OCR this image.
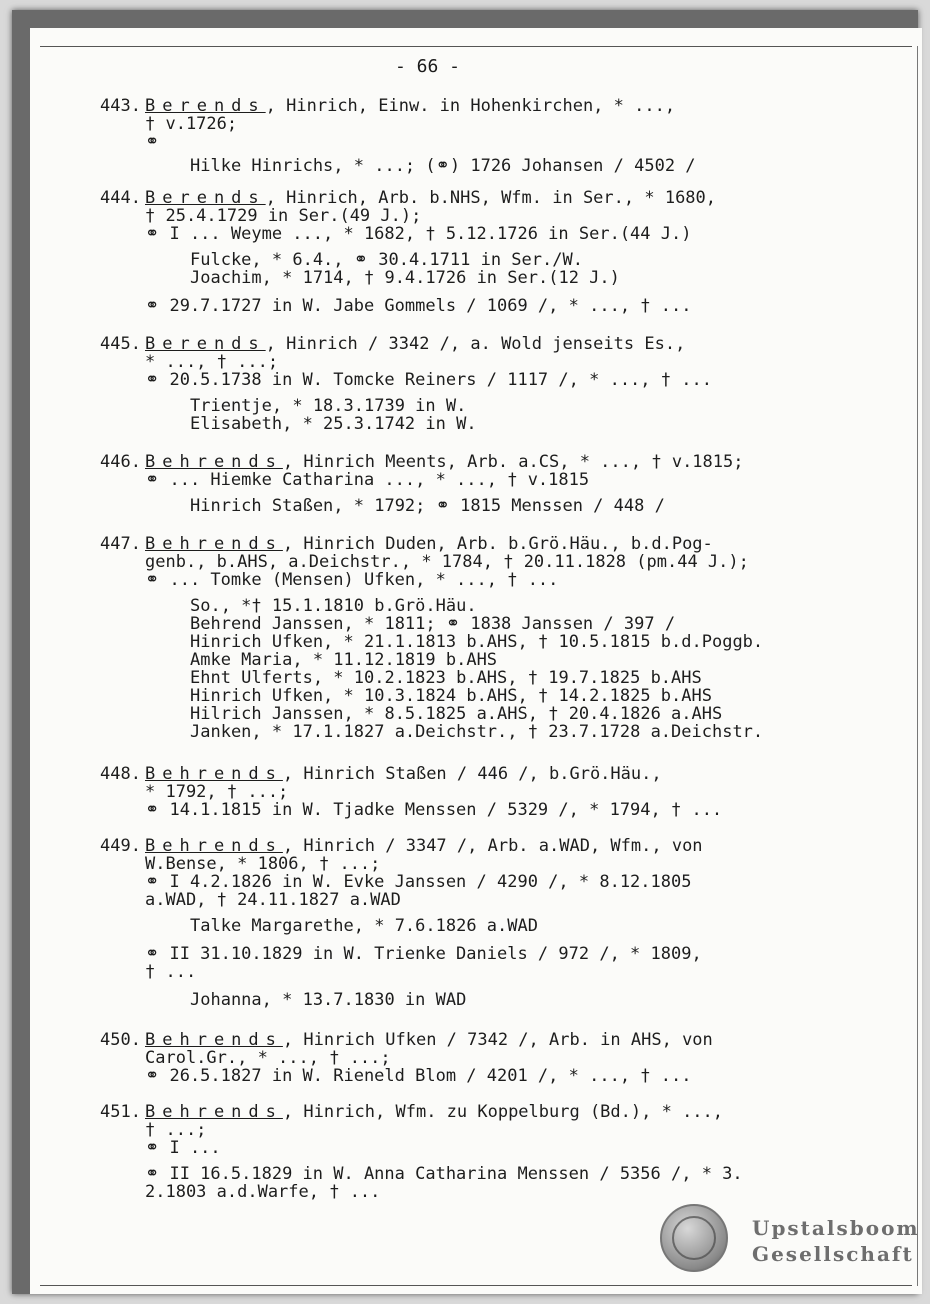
- 66 -
443. Berends, Hinrich, Einw. in Hohenkirchen, * ...,
† v.1726;
⚭
Hilke Hinrichs, * ...; (⚭) 1726 Johansen / 4502 /
444. Berends, Hinrich, Arb. b.NHS, Wfm. in Ser., * 1680,
† 25.4.1729 in Ser.(49 J.);
⚭ I ... Weyme ..., * 1682, † 5.12.1726 in Ser.(44 J.)
Fulcke, * 6.4., ⚭ 30.4.1711 in Ser./W.
Joachim, * 1714, † 9.4.1726 in Ser.(12 J.)
⚭ 29.7.1727 in W. Jabe Gommels / 1069 /, * ..., † ...
445. Berends, Hinrich / 3342 /, a. Wold jenseits Es.,
* ..., † ...;
⚭ 20.5.1738 in W. Tomcke Reiners / 1117 /, * ..., † ...
Trientje, * 18.3.1739 in W.
Elisabeth, * 25.3.1742 in W.
446. Behrends, Hinrich Meents, Arb. a.CS, * ..., † v.1815;
⚭ ... Hiemke Catharina ..., * ..., † v.1815
Hinrich Staßen, * 1792; ⚭ 1815 Menssen / 448 /
447. Behrends, Hinrich Duden, Arb. b.Grö.Häu., b.d.Pog-
genb., b.AHS, a.Deichstr., * 1784, † 20.11.1828 (pm.44 J.);
⚭ ... Tomke (Mensen) Ufken, * ..., † ...
So., *† 15.1.1810 b.Grö.Häu.
Behrend Janssen, * 1811; ⚭ 1838 Janssen / 397 /
Hinrich Ufken, * 21.1.1813 b.AHS, † 10.5.1815 b.d.Poggb.
Amke Maria, * 11.12.1819 b.AHS
Ehnt Ulferts, * 10.2.1823 b.AHS, † 19.7.1825 b.AHS
Hinrich Ufken, * 10.3.1824 b.AHS, † 14.2.1825 b.AHS
Hilrich Janssen, * 8.5.1825 a.AHS, † 20.4.1826 a.AHS
Janken, * 17.1.1827 a.Deichstr., † 23.7.1728 a.Deichstr.
448. Behrends, Hinrich Staßen / 446 /, b.Grö.Häu.,
* 1792, † ...;
⚭ 14.1.1815 in W. Tjadke Menssen / 5329 /, * 1794, † ...
449. Behrends, Hinrich / 3347 /, Arb. a.WAD, Wfm., von
W.Bense, * 1806, † ...;
⚭ I 4.2.1826 in W. Evke Janssen / 4290 /, * 8.12.1805
a.WAD, † 24.11.1827 a.WAD
Talke Margarethe, * 7.6.1826 a.WAD
⚭ II 31.10.1829 in W. Trienke Daniels / 972 /, * 1809,
† ...
Johanna, * 13.7.1830 in WAD
450. Behrends, Hinrich Ufken / 7342 /, Arb. in AHS, von
Carol.Gr., * ..., † ...;
⚭ 26.5.1827 in W. Rieneld Blom / 4201 /, * ..., † ...
451. Behrends, Hinrich, Wfm. zu Koppelburg (Bd.), * ...,
† ...;
⚭ I ...
⚭ II 16.5.1829 in W. Anna Catharina Menssen / 5356 /, * 3.
2.1803 a.d.Warfe, † ...
Upstalsboom
Gesellschaft
